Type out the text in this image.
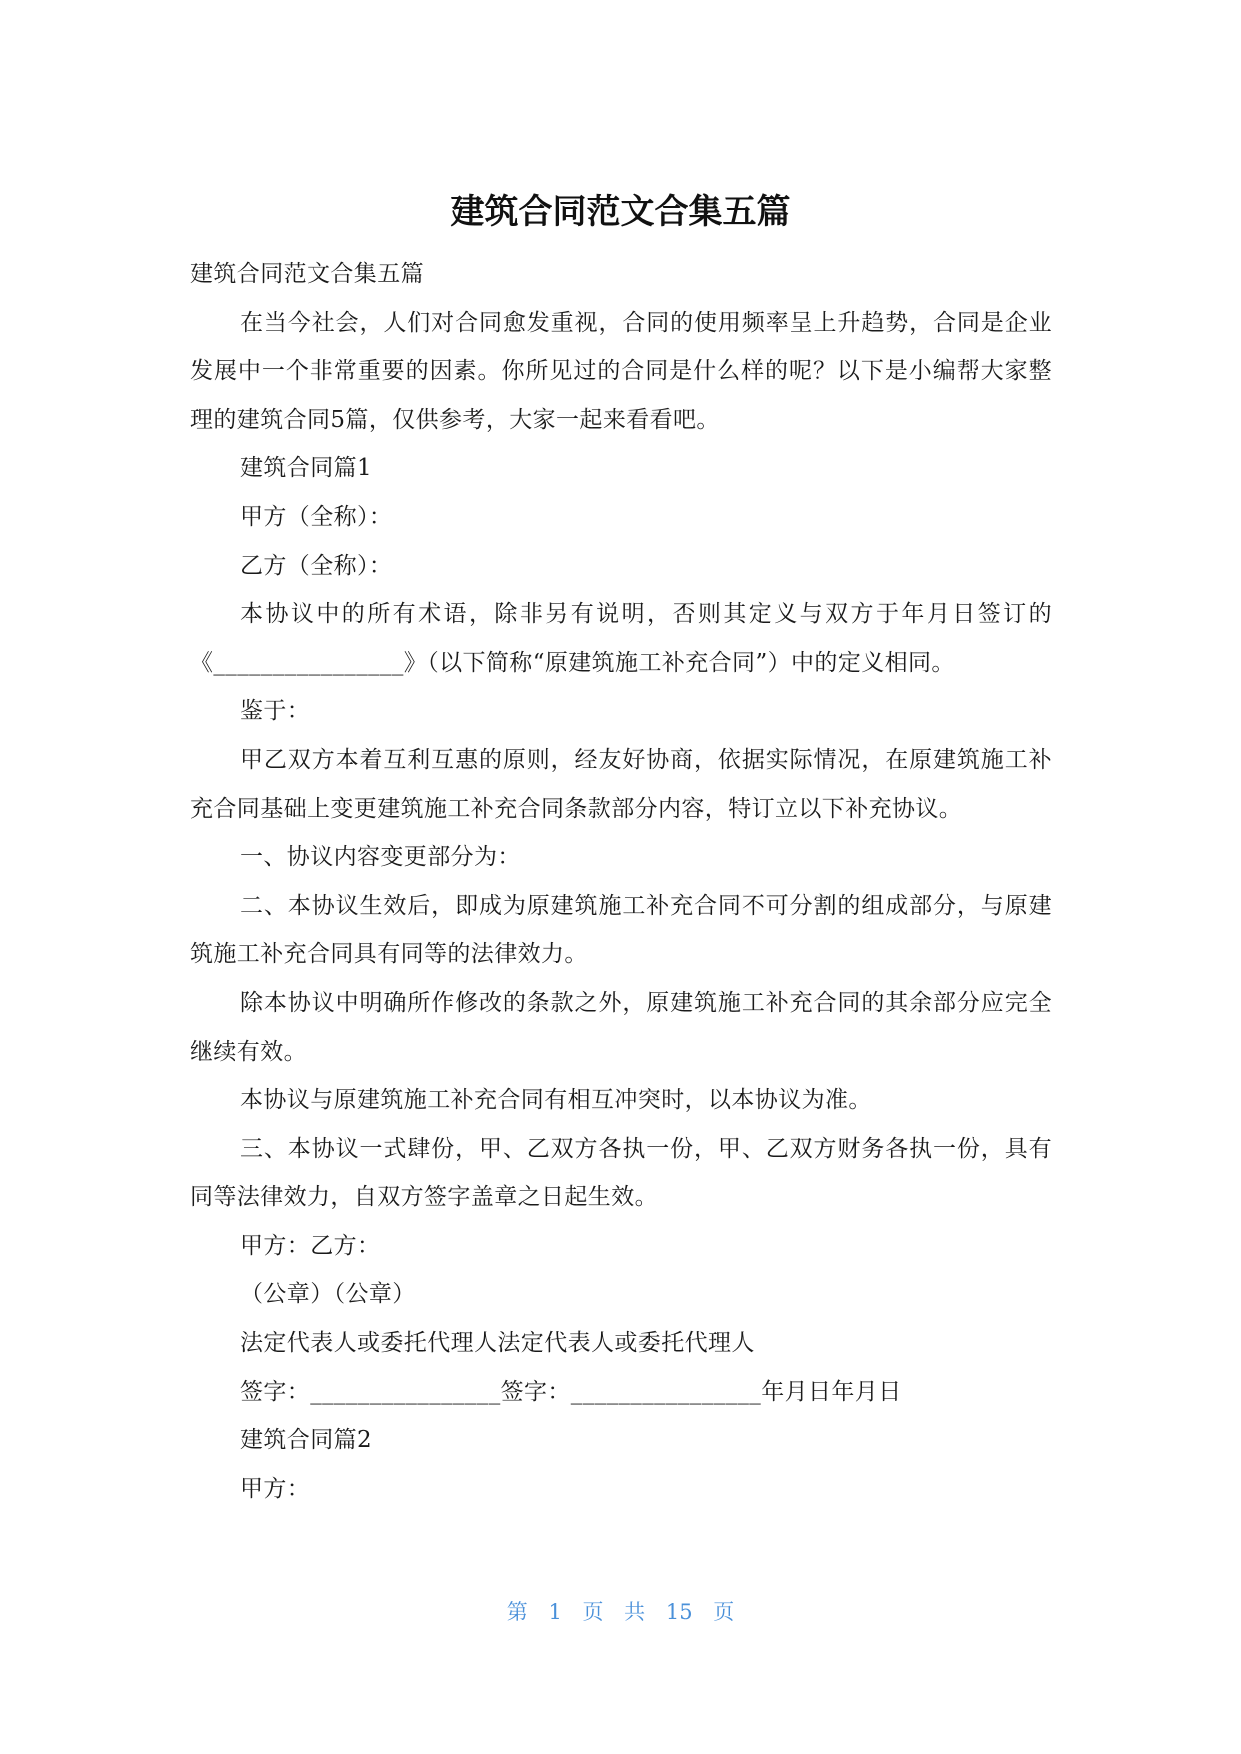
建筑合同范文合集五篇

建筑合同范文合集五篇

在当今社会，人们对合同愈发重视，合同的使用频率呈上升趋势，合同是企业发展中一个非常重要的因素。你所见过的合同是什么样的呢？以下是小编帮大家整理的建筑合同5篇，仅供参考，大家一起来看看吧。

建筑合同篇1

甲方（全称）：

乙方（全称）：

本协议中的所有术语，除非另有说明，否则其定义与双方于年月日签订的《________________》（以下简称“原建筑施工补充合同”）中的定义相同。

鉴于：

甲乙双方本着互利互惠的原则，经友好协商，依据实际情况，在原建筑施工补充合同基础上变更建筑施工补充合同条款部分内容，特订立以下补充协议。

一、协议内容变更部分为：

二、本协议生效后，即成为原建筑施工补充合同不可分割的组成部分，与原建筑施工补充合同具有同等的法律效力。

除本协议中明确所作修改的条款之外，原建筑施工补充合同的其余部分应完全继续有效。

本协议与原建筑施工补充合同有相互冲突时，以本协议为准。

三、本协议一式肆份，甲、乙双方各执一份，甲、乙双方财务各执一份，具有同等法律效力，自双方签字盖章之日起生效。

甲方：乙方：

（公章）（公章）

法定代表人或委托代理人法定代表人或委托代理人

签字：________________签字：________________年月日年月日

建筑合同篇2

甲方：

第 1 页 共 15 页
